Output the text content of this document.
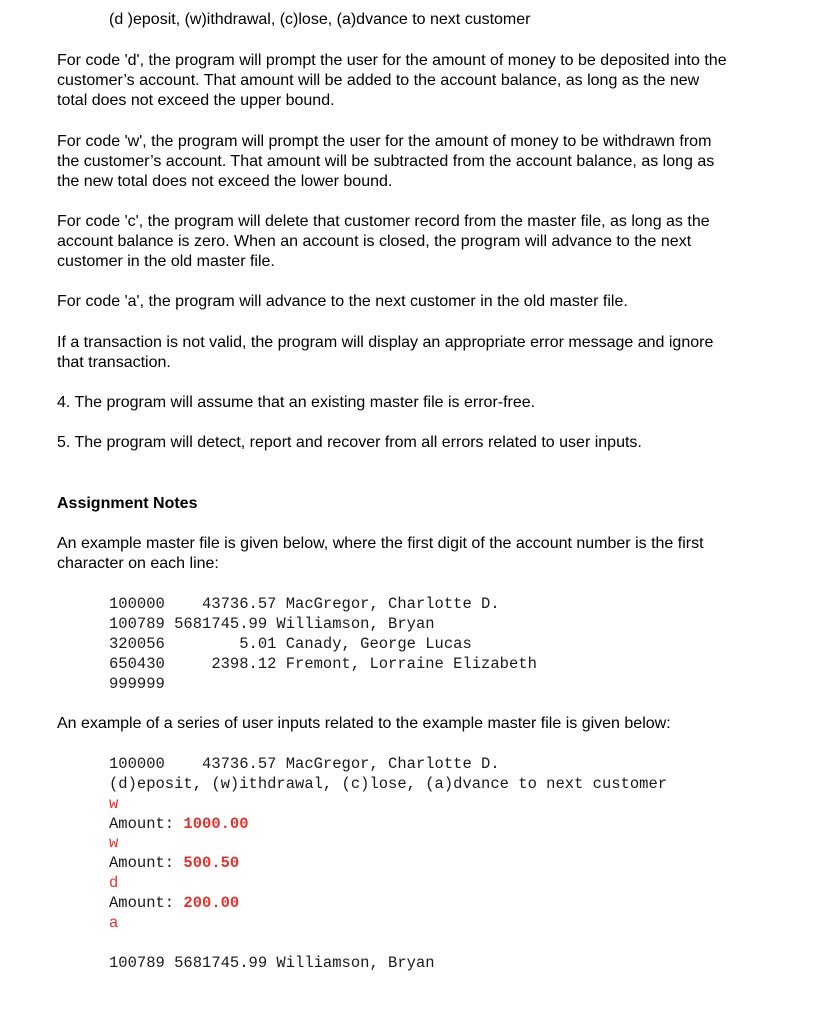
(d )eposit, (w)ithdrawal, (c)lose, (a)dvance to next customer

For code 'd', the program will prompt the user for the amount of money to be deposited into the

customer’s account. That amount will be added to the account balance, as long as the new

total does not exceed the upper bound.

For code 'w', the program will prompt the user for the amount of money to be withdrawn from

the customer’s account. That amount will be subtracted from the account balance, as long as

the new total does not exceed the lower bound.

For code 'c', the program will delete that customer record from the master file, as long as the

account balance is zero. When an account is closed, the program will advance to the next

customer in the old master file.

For code 'a', the program will advance to the next customer in the old master file.

If a transaction is not valid, the program will display an appropriate error message and ignore

that transaction.

4. The program will assume that an existing master file is error-free.

5. The program will detect, report and recover from all errors related to user inputs.

Assignment Notes

An example master file is given below, where the first digit of the account number is the first

character on each line:

100000    43736.57 MacGregor, Charlotte D.

100789 5681745.99 Williamson, Bryan

320056        5.01 Canady, George Lucas

650430     2398.12 Fremont, Lorraine Elizabeth

999999

An example of a series of user inputs related to the example master file is given below:

100000    43736.57 MacGregor, Charlotte D.

(d)eposit, (w)ithdrawal, (c)lose, (a)dvance to next customer

w

Amount: 1000.00

w

Amount: 500.50

d

Amount: 200.00

a

100789 5681745.99 Williamson, Bryan
